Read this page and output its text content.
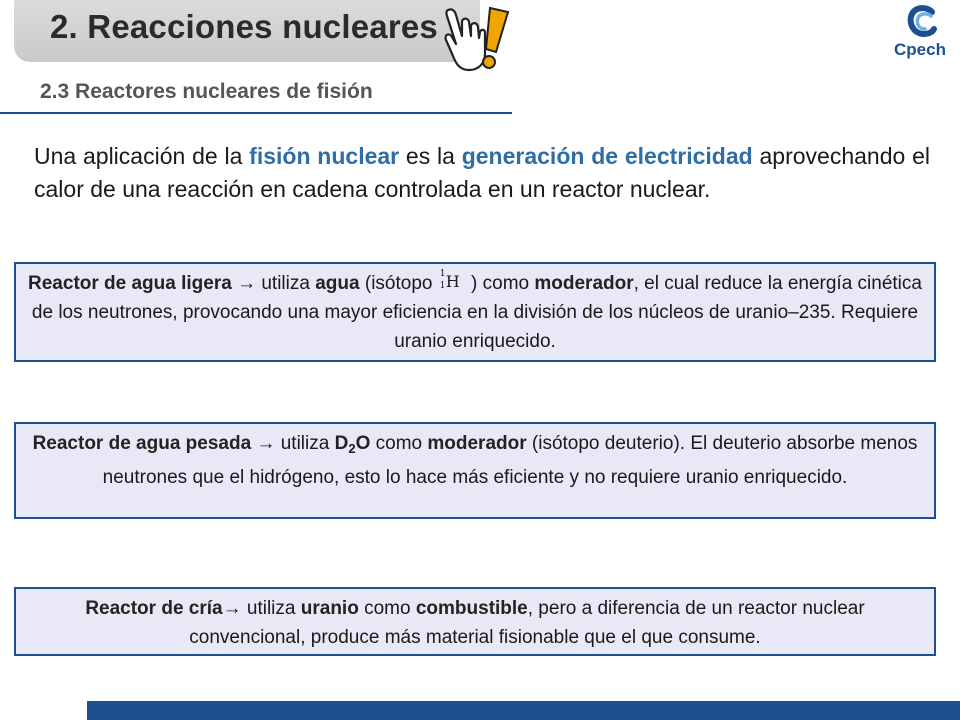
2. Reacciones nucleares
Cpech
2.3 Reactores nucleares de fisión

Una aplicación de la fisión nuclear es la generación de electricidad aprovechando el calor de una reacción en cadena controlada en un reactor nuclear.

Reactor de agua ligera → utiliza agua (isótopo 1
1 H ) como moderador, el cual reduce la energía cinética de los neutrones, provocando una mayor eficiencia en la división de los núcleos de uranio–235. Requiere uranio enriquecido.
Reactor de agua pesada → utiliza $D_2O$ como moderador (isótopo deuterio). El deuterio absorbe menos neutrones que el hidrógeno, esto lo hace más eficiente y no requiere uranio enriquecido.
Reactor de cría→ utiliza uranio como combustible, pero a diferencia de un reactor nuclear convencional, produce más material fisionable que el que consume.
